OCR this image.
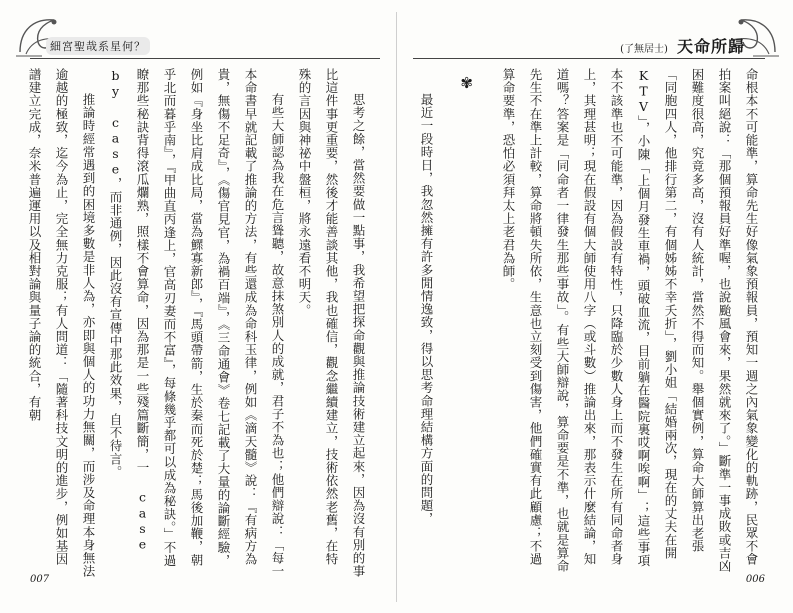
細宮聖哉系星何？

思考之餘，當然要做一點事，我希望把探命觀與推論技術建立起來，因為沒有別的事比這件事更重要，然後才能善談其他，我也確信，觀念繼續建立，技術依然老舊，在特殊的言因與神祕中盤桓，將永遠看不明天。

有些大師認為我在危言聳聽，故意抹煞別人的成就，君子不為也；他們辯說：「每一本命書早就記載了推論的方法，有些還成為命科玉律，例如《滴天髓》說：『有病方為貴，無傷不足奇』，《傷官見官，為禍百端』，《三命通會》卷七記載了大量的論斷經驗，例如『身坐比肩成比局，當為鰥寡新郎』，『馬頭帶箭，生於秦而死於楚；馬後加鞭，朝乎北而暮乎南』，『甲曲直丙逢上，官高刃妻而不富』，每條幾乎都可以成為秘訣。」不過瞭那些秘訣背得滾瓜爛熟，照樣不會算命，因為那是一些殘篇斷簡，一 case by case，而非通例，因此沒有宣傳中那此效果，自不待言。

推論時經常遇到的困境多數是非人為，亦即與個人的功力無關，而涉及命理本身無法逾越的極致，迄今為止，完全無力克服；有人問道：「隨著科技文明的進步，例如基因譜建立完成，奈米普遍運用以及相對論與量子論的統合，有朝

007
(了無居士) 天命所歸

命根本不可能準，算命先生好像氣象預報員，預知一週之內氣象變化的軌跡，民眾不會拍案叫絕說：「那個預報員好準喔，也說颱風會來，果然就來了。」斷準一事成敗或吉凶困難度很高，究竟多高，沒有人統計，當然不得而知。舉個實例，算命大師算出老張「同胞四人，他排行第二，有個姊姊不幸夭折」，劉小姐「結婚兩次，現在的丈夫在開KTV」，小陳「上個月發生車禍，頭破血流，目前躺在醫院裏哎啊唉啊」；這些事項本不該準也不可能準，因為假設有特性，只降臨於少數人身上而不發生在所有同命者身上，其理甚明；現在假設有個大師使用八字（或斗數）推論出來，那表示什麼結論，知道嗎？答案是「同命者一律發生那些事故」。有些大師辯說，算命要是不準，也就是算命先生不在準上計較，算命將頓失所依，生意也立刻受到傷害，他們確實有此顧慮；不過算命要準，恐怕必須拜太上老君為師。

✾

最近一段時日，我忽然擁有許多閒情逸致，得以思考命理結構方面的問題，

006
